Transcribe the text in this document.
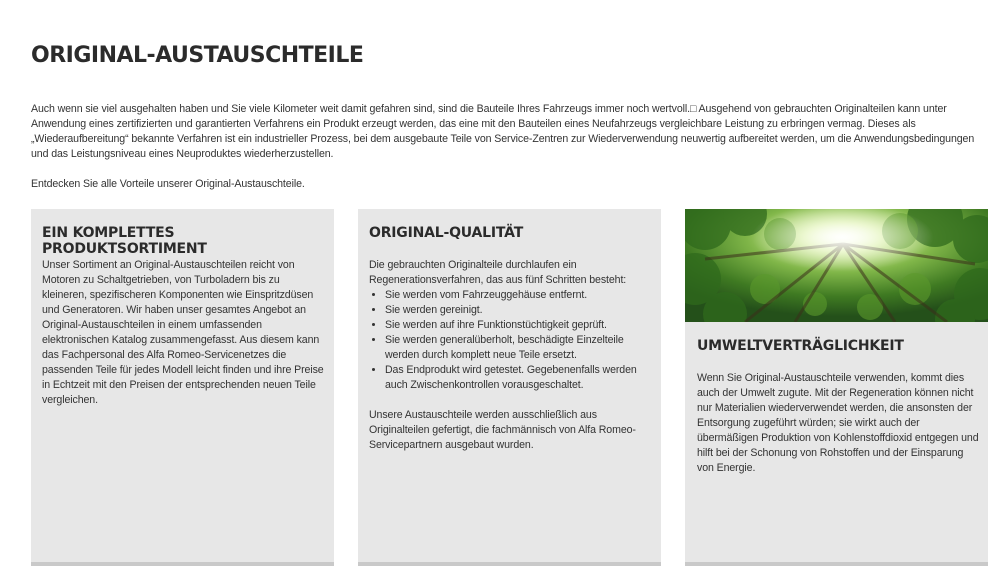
ORIGINAL-AUSTAUSCHTEILE

Auch wenn sie viel ausgehalten haben und Sie viele Kilometer weit damit gefahren sind, sind die Bauteile Ihres Fahrzeugs immer noch wertvoll.□ Ausgehend von gebrauchten Originalteilen kann unter Anwendung eines zertifizierten und garantierten Verfahrens ein Produkt erzeugt werden, das eine mit den Bauteilen eines Neufahrzeugs vergleichbare Leistung zu erbringen vermag. Dieses als „Wiederaufbereitung“ bekannte Verfahren ist ein industrieller Prozess, bei dem ausgebaute Teile von Service-Zentren zur Wiederverwendung neuwertig aufbereitet werden, um die Anwendungsbedingungen und das Leistungsniveau eines Neuproduktes wiederherzustellen.

Entdecken Sie alle Vorteile unserer Original-Austauschteile.

EIN KOMPLETTES PRODUKTSORTIMENT

Unser Sortiment an Original-Austauschteilen reicht von Motoren zu Schaltgetrieben, von Turboladern bis zu kleineren, spezifischeren Komponenten wie Einspritzdüsen und Generatoren. Wir haben unser gesamtes Angebot an Original-Austauschteilen in einem umfassenden elektronischen Katalog zusammengefasst. Aus diesem kann das Fachpersonal des Alfa Romeo-Servicenetzes die passenden Teile für jedes Modell leicht finden und ihre Preise in Echtzeit mit den Preisen der entsprechenden neuen Teile vergleichen.

ORIGINAL-QUALITÄT

Die gebrauchten Originalteile durchlaufen ein Regenerationsverfahren, das aus fünf Schritten besteht:

• Sie werden vom Fahrzeuggehäuse entfernt.
• Sie werden gereinigt.
• Sie werden auf ihre Funktionstüchtigkeit geprüft.
• Sie werden generalüberholt, beschädigte Einzelteile werden durch komplett neue Teile ersetzt.
• Das Endprodukt wird getestet. Gegebenenfalls werden auch Zwischenkontrollen vorausgeschaltet.

Unsere Austauschteile werden ausschließlich aus Originalteilen gefertigt, die fachmännisch von Alfa Romeo-Servicepartnern ausgebaut wurden.

UMWELTVERTRÄGLICHKEIT

Wenn Sie Original-Austauschteile verwenden, kommt dies auch der Umwelt zugute. Mit der Regeneration können nicht nur Materialien wiederverwendet werden, die ansonsten der Entsorgung zugeführt würden; sie wirkt auch der übermäßigen Produktion von Kohlenstoffdioxid entgegen und hilft bei der Schonung von Rohstoffen und der Einsparung von Energie.
